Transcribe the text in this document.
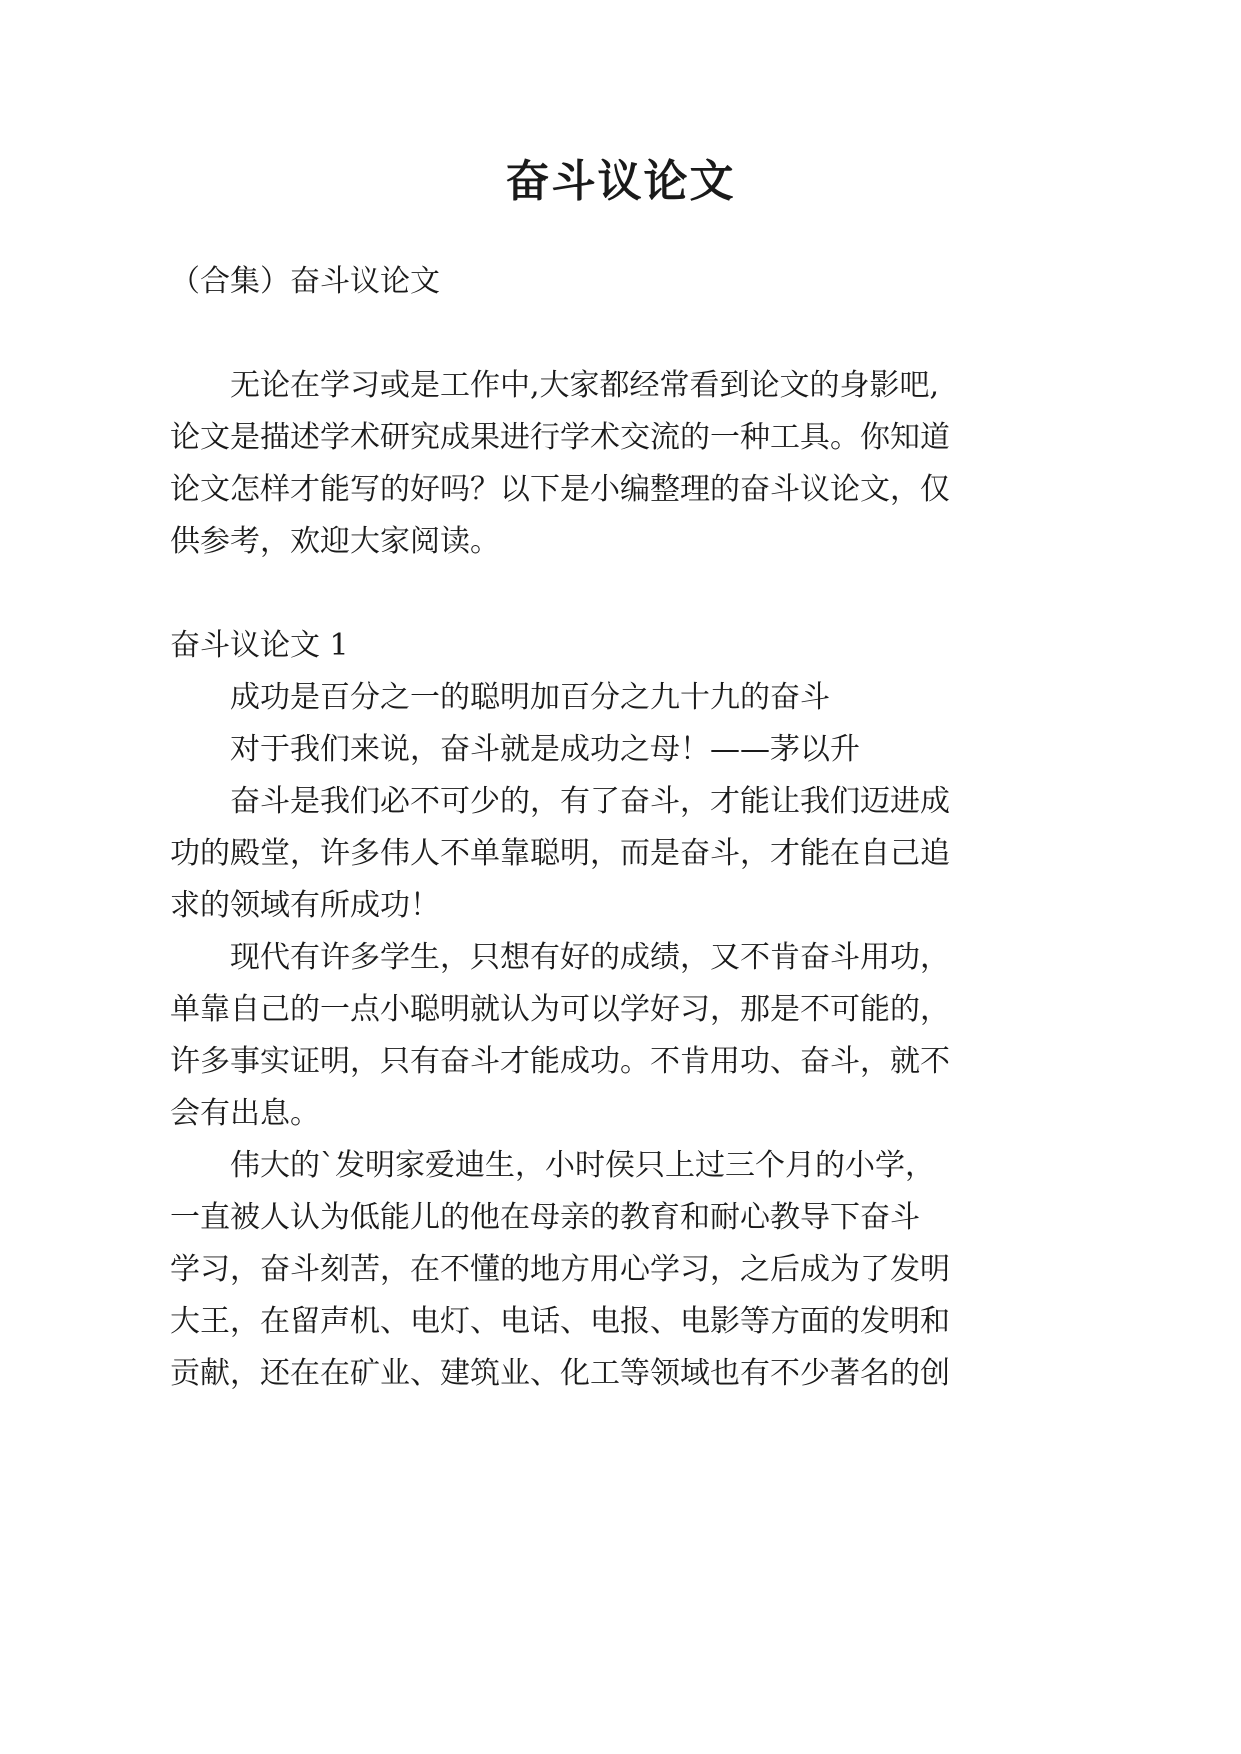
奋斗议论文
（合集）奋斗议论文
无论在学习或是工作中,大家都经常看到论文的身影吧,
论文是描述学术研究成果进行学术交流的一种工具。你知道
论文怎样才能写的好吗？以下是小编整理的奋斗议论文，仅
供参考，欢迎大家阅读。
奋斗议论文 1
成功是百分之一的聪明加百分之九十九的奋斗
对于我们来说，奋斗就是成功之母！——茅以升
奋斗是我们必不可少的，有了奋斗，才能让我们迈进成
功的殿堂，许多伟人不单靠聪明，而是奋斗，才能在自己追
求的领域有所成功！
现代有许多学生，只想有好的成绩，又不肯奋斗用功，
单靠自己的一点小聪明就认为可以学好习，那是不可能的，
许多事实证明，只有奋斗才能成功。不肯用功、奋斗，就不
会有出息。
伟大的`发明家爱迪生，小时侯只上过三个月的小学，
一直被人认为低能儿的他在母亲的教育和耐心教导下奋斗
学习，奋斗刻苦，在不懂的地方用心学习，之后成为了发明
大王，在留声机、电灯、电话、电报、电影等方面的发明和
贡献，还在在矿业、建筑业、化工等领域也有不少著名的创
